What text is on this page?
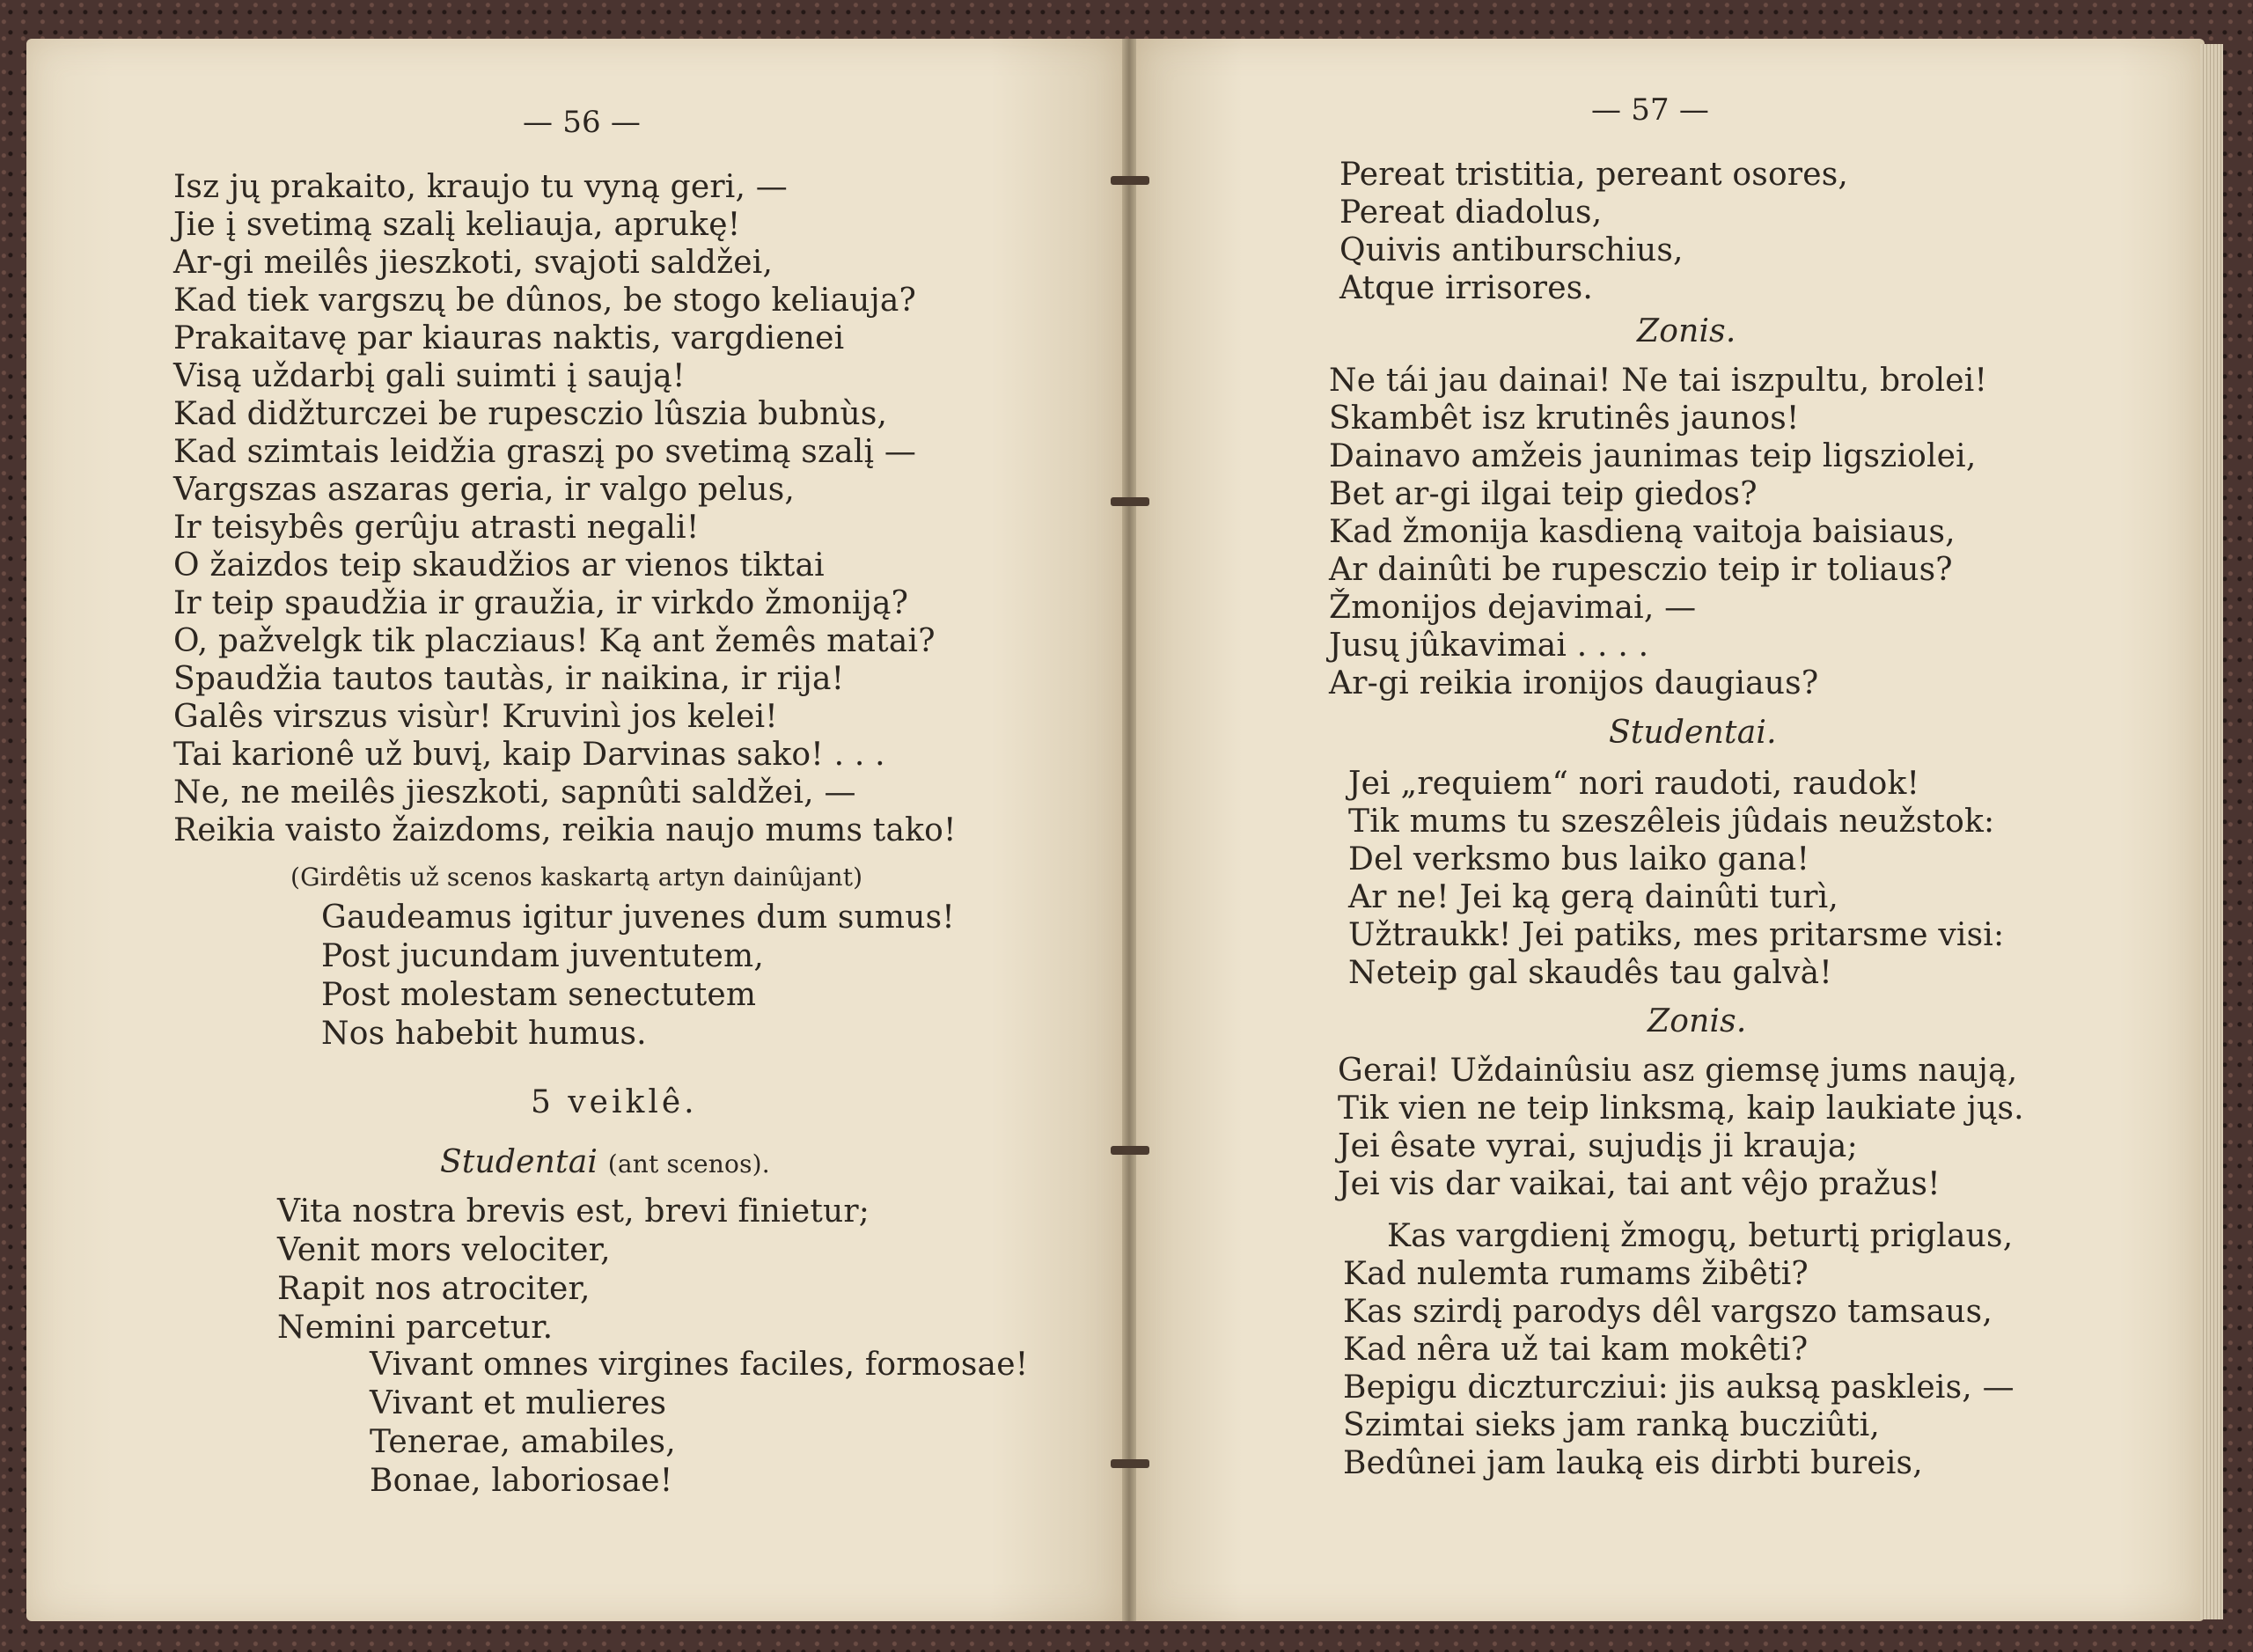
— 56 —
Isz jų prakaito, kraujo tu vyną geri, —
Jie į svetimą szalį keliauja, aprukę!
Ar-gi meilês jieszkoti, svajoti saldžei,
Kad tiek vargszų be dûnos, be stogo keliauja?
Prakaitavę par kiauras naktis, vargdienei
Visą uždarbį gali suimti į saują!
Kad didžturczei be rupesczio lûszia bubnùs,
Kad szimtais leidžia graszį po svetimą szalį —
Vargszas aszaras geria, ir valgo pelus,
Ir teisybês gerûju atrasti negali!
O žaizdos teip skaudžios ar vienos tiktai
Ir teip spaudžia ir graužia, ir virkdo žmoniją?
O, pažvelgk tik placziaus! Ką ant žemês matai?
Spaudžia tautos tautàs, ir naikina, ir rija!
Galês virszus visùr! Kruvinì jos kelei!
Tai karionê už buvį, kaip Darvinas sako! . . .
Ne, ne meilês jieszkoti, sapnûti saldžei, —
Reikia vaisto žaizdoms, reikia naujo mums tako!
(Girdêtis už scenos kaskartą artyn dainûjant)
Gaudeamus igitur juvenes dum sumus!
Post jucundam juventutem,
Post molestam senectutem
Nos habebit humus.
5 veiklê.
Studentai (ant scenos).
Vita nostra brevis est, brevi finietur;
Venit mors velociter,
Rapit nos atrociter,
Nemini parcetur.
Vivant omnes virgines faciles, formosae!
Vivant et mulieres
Tenerae, amabiles,
Bonae, laboriosae!
— 57 —
Pereat tristitia, pereant osores,
Pereat diadolus,
Quivis antiburschius,
Atque irrisores.
Zonis.
Ne tái jau dainai! Ne tai iszpultu, brolei!
Skambêt isz krutinês jaunos!
Dainavo amžeis jaunimas teip ligsziolei,
Bet ar-gi ilgai teip giedos?
Kad žmonija kasdieną vaitoja baisiaus,
Ar dainûti be rupesczio teip ir toliaus?
Žmonijos dejavimai, —
Jusų jûkavimai . . . .
Ar-gi reikia ironijos daugiaus?
Studentai.
Jei „requiem“ nori raudoti, raudok!
Tik mums tu szeszêleis jûdais neužstok:
Del verksmo bus laiko gana!
Ar ne! Jei ką gerą dainûti turì,
Užtraukk! Jei patiks, mes pritarsme visi:
Neteip gal skaudês tau galvà!
Zonis.
Gerai! Uždainûsiu asz giemsę jums naują,
Tik vien ne teip linksmą, kaip laukiate jųs.
Jei êsate vyrai, sujudįs ji krauja;
Jei vis dar vaikai, tai ant vêjo pražus!
Kas vargdienį žmogų, beturtį priglaus,
Kad nulemta rumams žibêti?
Kas szirdį parodys dêl vargszo tamsaus,
Kad nêra už tai kam mokêti?
Bepigu diczturcziui: jis auksą paskleis, —
Szimtai sieks jam ranką bucziûti,
Bedûnei jam lauką eis dirbti bureis,
